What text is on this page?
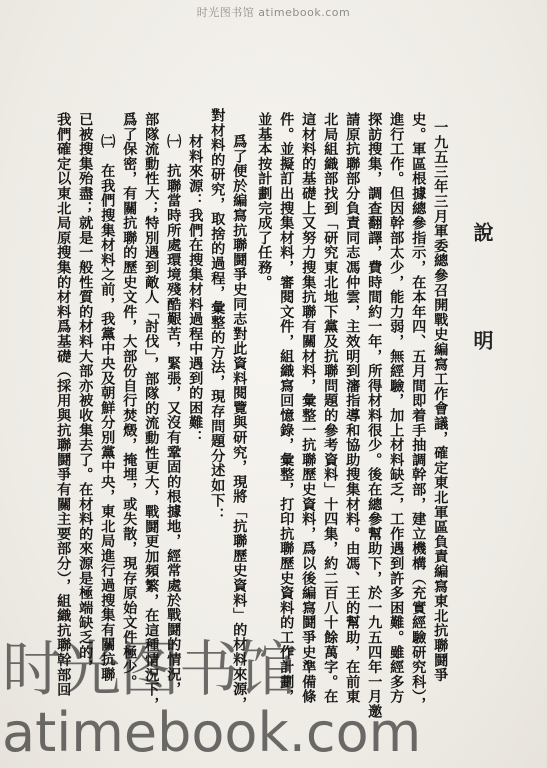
时光图书馆 atimebook.com
說　明
一九五三年三月軍委總參召開戰史編寫工作會議，確定東北軍區負責編寫東北抗聯鬪爭
史。軍區根據總參指示，在本年四、五月間即着手抽調幹部，建立機構（充實經驗研究科），
進行工作。但因幹部太少，能力弱，無經驗，加上材料缺乏，工作遇到許多困難。雖經多方
探訪搜集，調查翻譯，費時間約一年，所得材料很少。後在總參幫助下，於一九五四年一月邀
請原抗聯部分負責同志馮仲雲，主效明到瀋指導和協助搜集材料。由馮、王的幫助，在前東
北局組織部找到「研究東北地下黨及抗聯問題的參考資料」十四集，約二百八十餘萬字。在
這材料的基礎上又努力搜集抗聯有關材料，彙整一抗聯歷史資料，爲以後編寫鬪爭史準備條
件。並擬訂出搜集材料，審閱文件，組織寫回憶錄，彙整，打印抗聯歷史資料的工作計劃，
並基本按計劃完成了任務。
爲了便於編寫抗聯鬪爭史同志對此資料閱覽與研究，現將「抗聯歷史資料」的材料來源，
對材料的研究，取捨的過程，彙整的方法，現存問題分述如下：
材料來源：我們在搜集材料過程中遇到的困難：
㈠　抗聯當時所處環境殘酷艱苦，緊張，又沒有鞏固的根據地，經常處於戰鬪的情況，
部隊流動性大；特別遇到敵人「討伐」，部隊的流動性更大，戰鬪更加頻繁，在這種情況下，
爲了保密，有關抗聯的歷史文件，大部份自行焚燬，掩埋，或失散，現存原始文件極少。
㈡　在我們搜集材料之前，我黨中央及朝鮮分別黨中央，東北局進行過搜集有關抗聯
已被搜集殆盡；就是一般性質的材料大部亦被收集去了。在材料的來源是極端缺乏的，
我們確定以東北局原搜集的材料爲基礎（採用與抗聯鬪爭有關主要部分），組織抗聯幹部回
时光图书馆
atimebook.com
